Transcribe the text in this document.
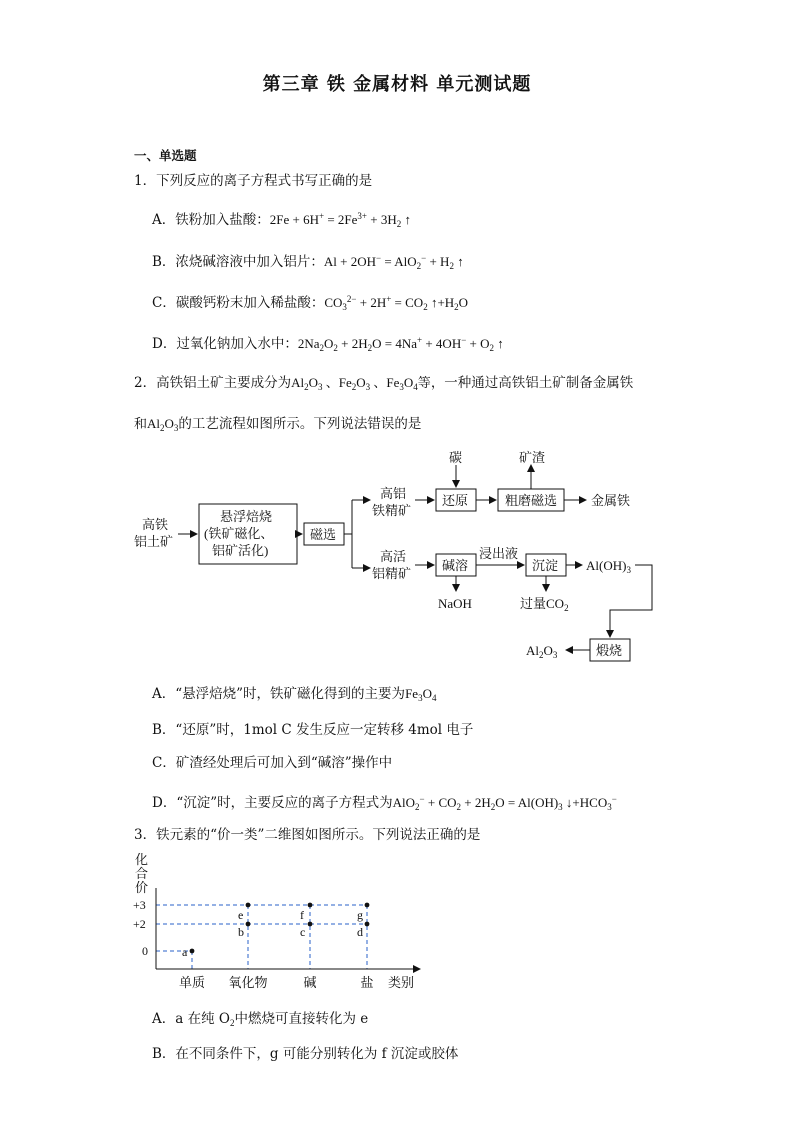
第三章 铁 金属材料 单元测试题
一、单选题
1．下列反应的离子方程式书写正确的是
A．铁粉加入盐酸：$2Fe + 6H^+ = 2Fe^{3+} + 3H_2$ ↑
B．浓烧碱溶液中加入铝片：$Al + 2OH^- = AlO_2^- + H_2$ ↑
C．碳酸钙粉末加入稀盐酸：$CO_3^{2-} + 2H^+ = CO_2$ $↑+H_2O$
D．过氧化钠加入水中：$2Na_2O_2 + 2H_2O = 4Na^+ + 4OH^- + O_2$ ↑
2．高铁铝土矿主要成分为$Al_2O_3$ 、$Fe_2O_3$ 、$Fe_3O_4$等，一种通过高铁铝土矿制备金属铁
和$Al_2O_3$的工艺流程如图所示。下列说法错误的是
高铁
铝土矿
悬浮焙烧
(铁矿磁化、
铝矿活化)
磁选
高铝
铁精矿
高活
铝精矿
碳	矿渣
还原	粗磨磁选	金属铁
碱溶
浸出液
沉淀 $Al(OH)_3$
NaOH	过量$CO_2$
煅烧
$Al_2O_3$
A．“悬浮焙烧”时，铁矿磁化得到的主要为$Fe_3O_4$
B．“还原”时，1mol C 发生反应一定转移 4mol 电子
C．矿渣经处理后可加入到“碱溶”操作中
D．“沉淀”时，主要反应的离子方程式为$AlO_2^- + CO_2 + 2H_2O = Al(OH)_3$ $↓+HCO_3^-$
3．铁元素的“价一类”二维图如图所示。下列说法正确的是
化
合
价
类别
+3
+2
0
单质 氧化物	碱	盐
a
b
e
c
f
d
g
A．a 在纯 $O_2$中燃烧可直接转化为 e
B．在不同条件下，g 可能分别转化为 f 沉淀或胶体
